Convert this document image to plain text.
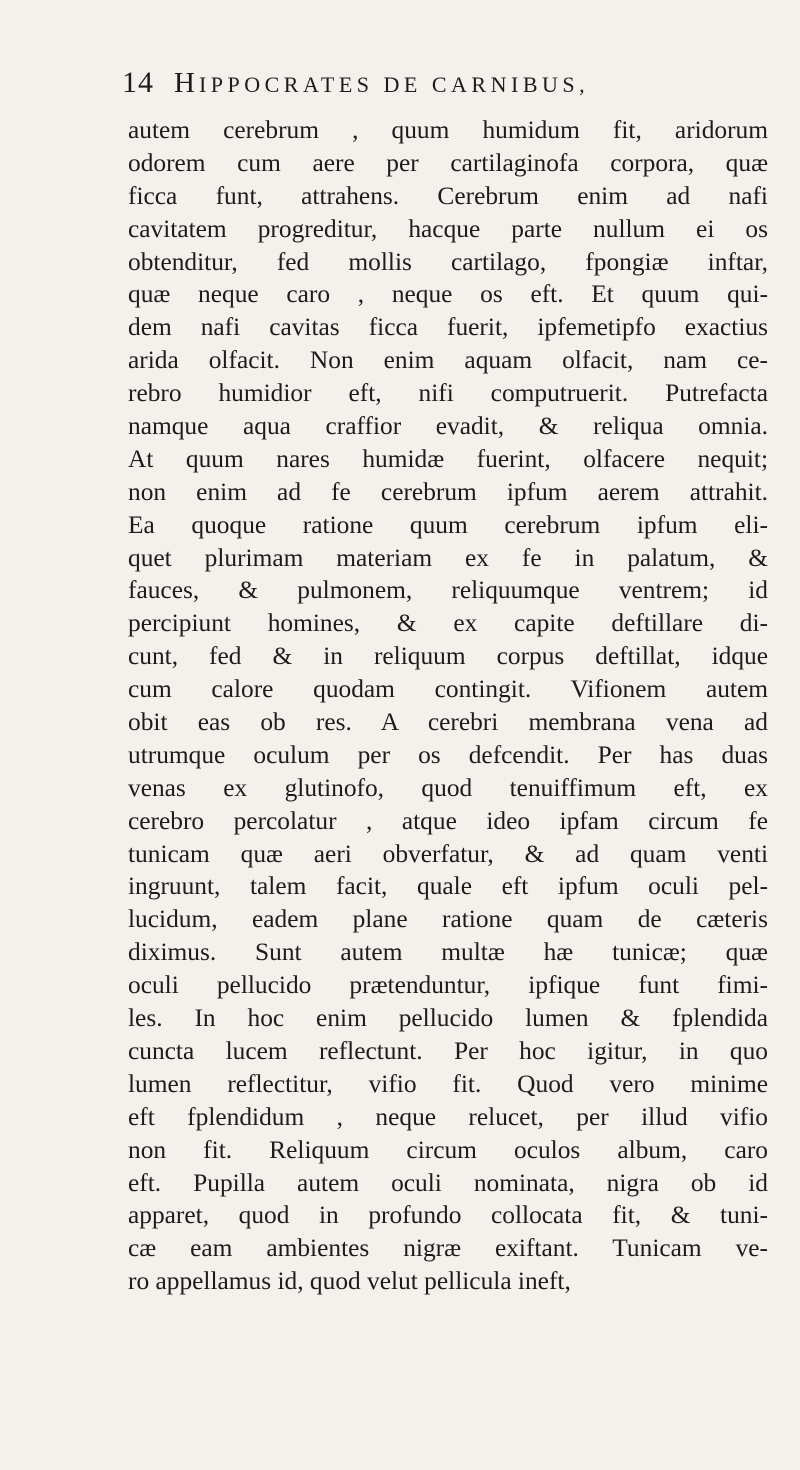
14 HIPPOCRATES DE CARNIBUS,
autem cerebrum , quum humidum fit, aridorum
odorem cum aere per cartilaginofa corpora, quæ
ficca funt, attrahens. Cerebrum enim ad nafi
cavitatem progreditur, hacque parte nullum ei os
obtenditur, fed mollis cartilago, fpongiæ inftar,
quæ neque caro , neque os eft. Et quum qui-
dem nafi cavitas ficca fuerit, ipfemetipfo exactius
arida olfacit. Non enim aquam olfacit, nam ce-
rebro humidior eft, nifi computruerit. Putrefacta
namque aqua craffior evadit, & reliqua omnia.
At quum nares humidæ fuerint, olfacere nequit;
non enim ad fe cerebrum ipfum aerem attrahit.
Ea quoque ratione quum cerebrum ipfum eli-
quet plurimam materiam ex fe in palatum, &
fauces, & pulmonem, reliquumque ventrem; id
percipiunt homines, & ex capite deftillare di-
cunt, fed & in reliquum corpus deftillat, idque
cum calore quodam contingit. Vifionem autem
obit eas ob res. A cerebri membrana vena ad
utrumque oculum per os defcendit. Per has duas
venas ex glutinofo, quod tenuiffimum eft, ex
cerebro percolatur , atque ideo ipfam circum fe
tunicam quæ aeri obverfatur, & ad quam venti
ingruunt, talem facit, quale eft ipfum oculi pel-
lucidum, eadem plane ratione quam de cæteris
diximus. Sunt autem multæ hæ tunicæ; quæ
oculi pellucido prætenduntur, ipfique funt fimi-
les. In hoc enim pellucido lumen & fplendida
cuncta lucem reflectunt. Per hoc igitur, in quo
lumen reflectitur, vifio fit. Quod vero minime
eft fplendidum , neque relucet, per illud vifio
non fit. Reliquum circum oculos album, caro
eft. Pupilla autem oculi nominata, nigra ob id
apparet, quod in profundo collocata fit, & tuni-
cæ eam ambientes nigræ exiftant. Tunicam ve-
ro appellamus id, quod velut pellicula ineft,
